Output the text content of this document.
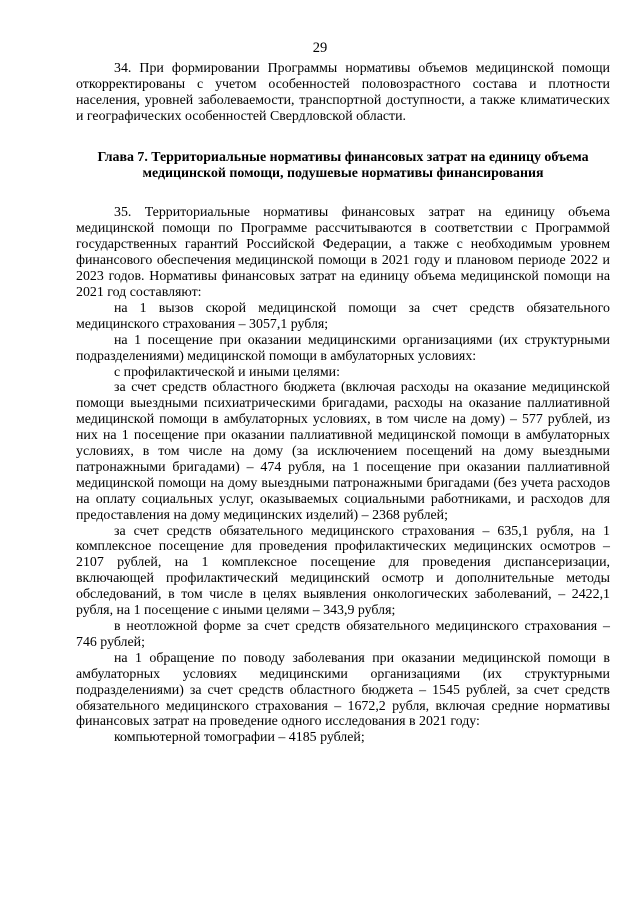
29

34. При формировании Программы нормативы объемов медицинской помощи откорректированы с учетом особенностей половозрастного состава и плотности населения, уровней заболеваемости, транспортной доступности, а также климатических и географических особенностей Свердловской области.

Глава 7. Территориальные нормативы финансовых затрат на единицу объема медицинской помощи, подушевые нормативы финансирования

35. Территориальные нормативы финансовых затрат на единицу объема медицинской помощи по Программе рассчитываются в соответствии с Программой государственных гарантий Российской Федерации, а также с необходимым уровнем финансового обеспечения медицинской помощи в 2021 году и плановом периоде 2022 и 2023 годов. Нормативы финансовых затрат на единицу объема медицинской помощи на 2021 год составляют:

на 1 вызов скорой медицинской помощи за счет средств обязательного медицинского страхования – 3057,1 рубля;

на 1 посещение при оказании медицинскими организациями (их структурными подразделениями) медицинской помощи в амбулаторных условиях:

с профилактической и иными целями:

за счет средств областного бюджета (включая расходы на оказание медицинской помощи выездными психиатрическими бригадами, расходы на оказание паллиативной медицинской помощи в амбулаторных условиях, в том числе на дому) – 577 рублей, из них на 1 посещение при оказании паллиативной медицинской помощи в амбулаторных условиях, в том числе на дому (за исключением посещений на дому выездными патронажными бригадами) – 474 рубля, на 1 посещение при оказании паллиативной медицинской помощи на дому выездными патронажными бригадами (без учета расходов на оплату социальных услуг, оказываемых социальными работниками, и расходов для предоставления на дому медицинских изделий) – 2368 рублей;

за счет средств обязательного медицинского страхования – 635,1 рубля, на 1 комплексное посещение для проведения профилактических медицинских осмотров – 2107 рублей, на 1 комплексное посещение для проведения диспансеризации, включающей профилактический медицинский осмотр и дополнительные методы обследований, в том числе в целях выявления онкологических заболеваний, – 2422,1 рубля, на 1 посещение с иными целями – 343,9 рубля;

в неотложной форме за счет средств обязательного медицинского страхования – 746 рублей;

на 1 обращение по поводу заболевания при оказании медицинской помощи в амбулаторных условиях медицинскими организациями (их структурными подразделениями) за счет средств областного бюджета – 1545 рублей, за счет средств обязательного медицинского страхования – 1672,2 рубля, включая средние нормативы финансовых затрат на проведение одного исследования в 2021 году:

компьютерной томографии – 4185 рублей;
